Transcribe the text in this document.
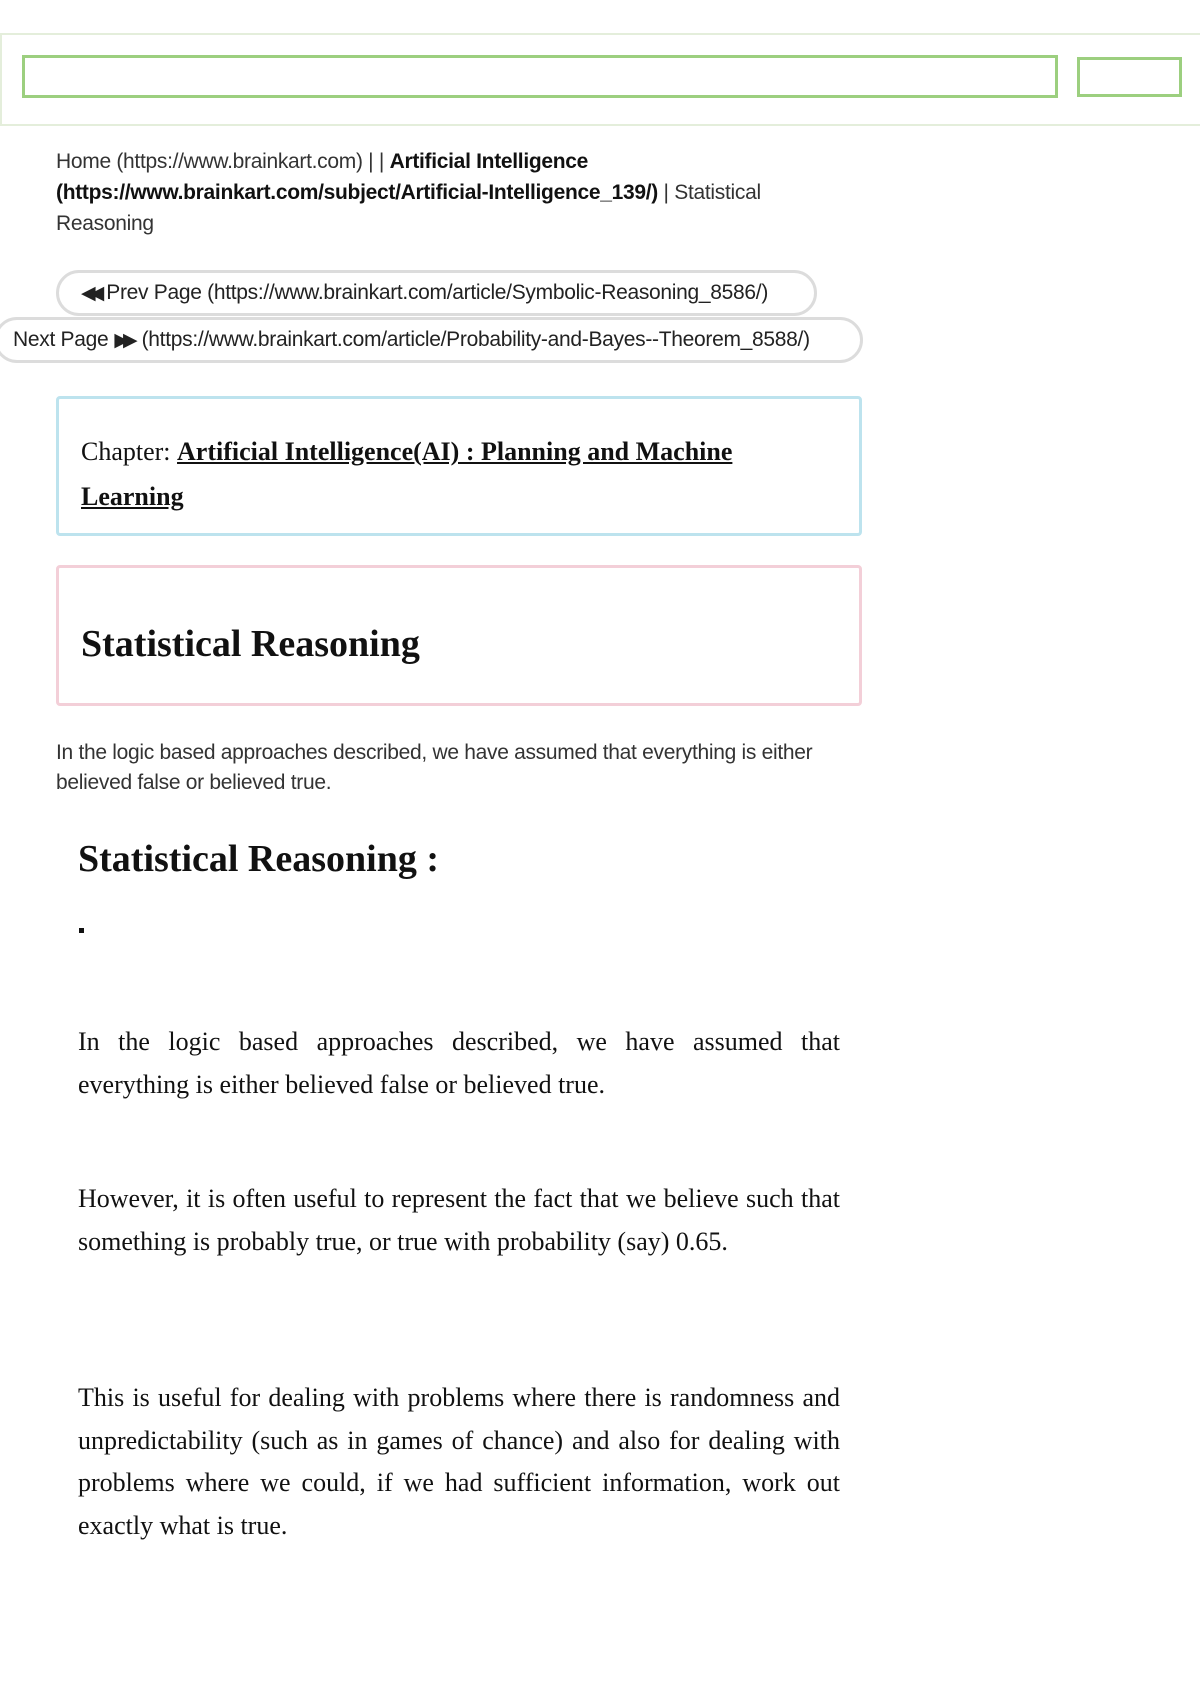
Home (https://www.brainkart.com) | | Artificial Intelligence (https://www.brainkart.com/subject/Artificial-Intelligence_139/) | Statistical Reasoning
◀◀ Prev Page (https://www.brainkart.com/article/Symbolic-Reasoning_8586/)
Next Page ▶▶ (https://www.brainkart.com/article/Probability-and-Bayes--Theorem_8588/)
Chapter: Artificial Intelligence(AI) : Planning and Machine Learning
Statistical Reasoning
In the logic based approaches described, we have assumed that everything is either believed false or believed true.
Statistical Reasoning :

In the logic based approaches described, we have assumed that everything is either believed false or believed true.

However, it is often useful to represent the fact that we believe such that something is probably true, or true with probability (say) 0.65.

This is useful for dealing with problems where there is randomness and unpredictability (such as in games of chance) and also for dealing with problems where we could, if we had sufficient information, work out exactly what is true.
